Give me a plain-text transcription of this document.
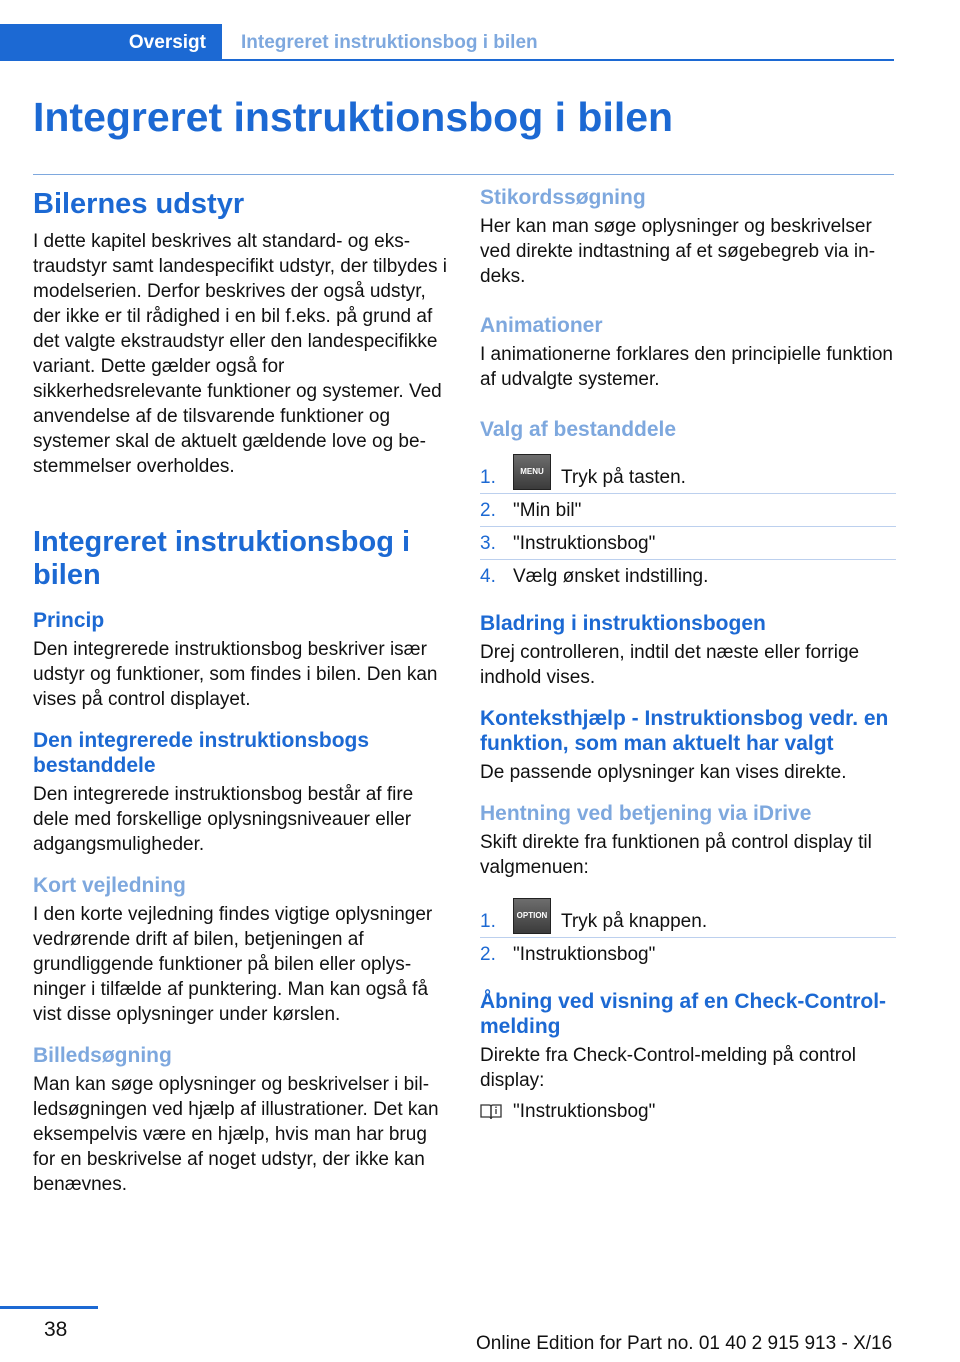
Oversigt	Integreret instruktionsbog i bilen
Integreret instruktionsbog i bilen
Bilernes udstyr

I dette kapitel beskrives alt standard- og ekstraudstyr samt landespecifikt udstyr, der tilbydes i modelserien. Derfor beskrives der også udstyr, der ikke er til rådighed i en bil f.eks. på grund af det valgte ekstraudstyr eller den landespecifikke variant. Dette gælder også for sikkerhedsrelevante funktioner og systemer. Ved anvendelse af de tilsvarende funktioner og systemer skal de aktuelt gældende love og bestemmelser overholdes.

Integreret instruktionsbog i bilen
Princip

Den integrerede instruktionsbog beskriver især udstyr og funktioner, som findes i bilen. Den kan vises på control displayet.

Den integrerede instruktionsbogs bestanddele

Den integrerede instruktionsbog består af fire dele med forskellige oplysningsniveauer eller adgangsmuligheder.

Kort vejledning

I den korte vejledning findes vigtige oplysninger vedrørende drift af bilen, betjeningen af grundliggende funktioner på bilen eller oplysninger i tilfælde af punktering. Man kan også få vist disse oplysninger under kørslen.

Billedsøgning

Man kan søge oplysninger og beskrivelser i billedsøgningen ved hjælp af illustrationer. Det kan eksempelvis være en hjælp, hvis man har brug for en beskrivelse af noget udstyr, der ikke kan benævnes.

Stikordssøgning

Her kan man søge oplysninger og beskrivelser ved direkte indtastning af et søgebegreb via indeks.

Animationer

I animationerne forklares den principielle funktion af udvalgte systemer.

Valg af bestanddele
1.	MENU Tryk på tasten.
2. "Min bil"
3. "Instruktionsbog"
4. Vælg ønsket indstilling.
Bladring i instruktionsbogen

Drej controlleren, indtil det næste eller forrige indhold vises.

Konteksthjælp - Instruktionsbog vedr. en funktion, som man aktuelt har valgt

De passende oplysninger kan vises direkte.

Hentning ved betjening via iDrive

Skift direkte fra funktionen på control display til valgmenuen:

1.	OPTION Tryk på knappen.
2. "Instruktionsbog"
Åbning ved visning af en Check-Control-melding

Direkte fra Check-Control-melding på control display:

"Instruktionsbog"

38
Online Edition for Part no. 01 40 2 915 913 - X/16
